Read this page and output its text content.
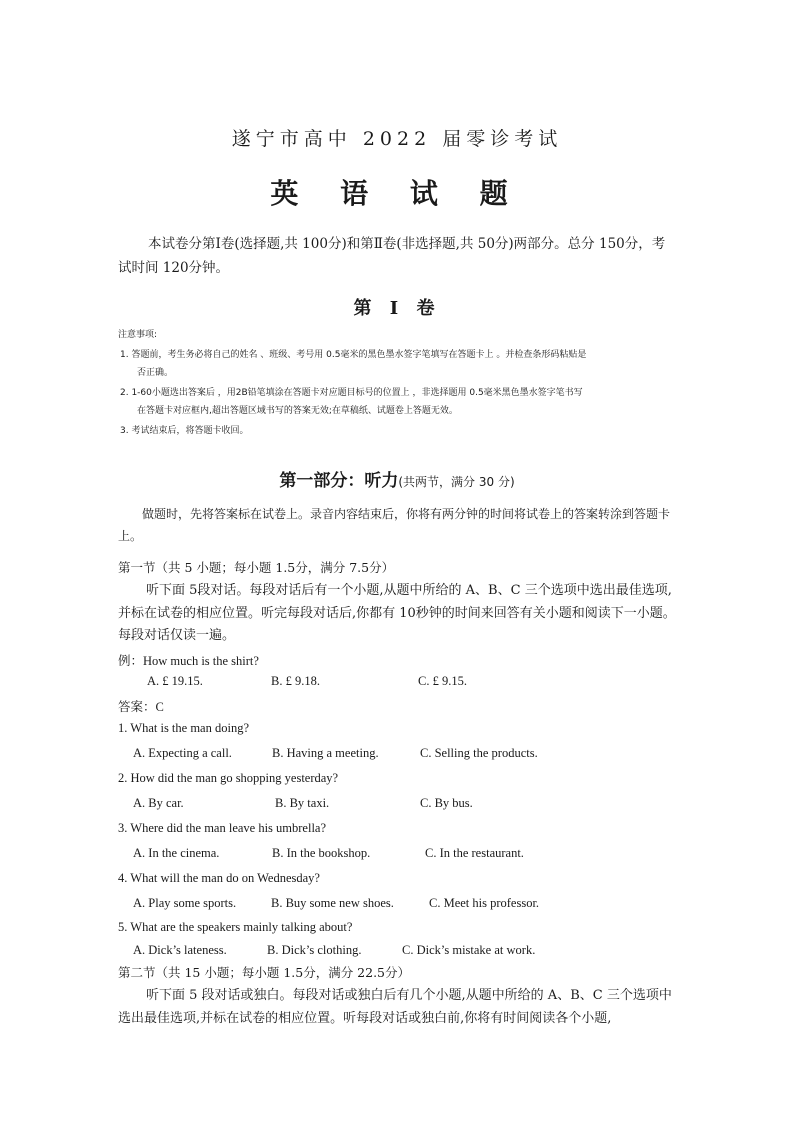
遂宁市高中 2022 届零诊考试
英 语 试 题
本试卷分第Ⅰ卷(选择题,共 100分)和第Ⅱ卷(非选择题,共 50分)两部分。总分 150分，考试时间 120分钟。
第 Ⅰ 卷
注意事项:
1. 答题前，考生务必将自己的姓名 、班级、考号用 0.5毫米的黑色墨水签字笔填写在答题卡上 。并检查条形码粘贴是
否正确。
2. 1-60小题选出答案后 ，用2B铅笔填涂在答题卡对应题目标号的位置上 ，非选择题用 0.5毫米黑色墨水签字笔书写
在答题卡对应框内,超出答题区域书写的答案无效;在草稿纸、试题卷上答题无效。
3. 考试结束后，将答题卡收回。
第一部分：听力(共两节，满分 30 分)
做题时，先将答案标在试卷上。录音内容结束后，你将有两分钟的时间将试卷上的答案转涂到答题卡上。
第一节（共 5 小题；每小题 1.5分，满分 7.5分）
听下面 5段对话。每段对话后有一个小题,从题中所给的 A、B、C 三个选项中选出最佳选项,并标在试卷的相应位置。听完每段对话后,你都有 10秒钟的时间来回答有关小题和阅读下一小题。每段对话仅读一遍。
例：How much is the shirt?
A. £ 19.15.	B. £ 9.18.	C. £ 9.15.
答案：C
1. What is the man doing?
A. Expecting a call.	B. Having a meeting.	C. Selling the products.
2. How did the man go shopping yesterday?
A. By car.	B. By taxi.	C. By bus.
3. Where did the man leave his umbrella?
A. In the cinema.	B. In the bookshop.	C. In the restaurant.
4. What will the man do on Wednesday?
A. Play some sports.	B. Buy some new shoes.	C. Meet his professor.
5. What are the speakers mainly talking about?
A. Dick’s lateness.	B. Dick’s clothing.	C. Dick’s mistake at work.
第二节（共 15 小题；每小题 1.5分，满分 22.5分）
听下面 5 段对话或独白。每段对话或独白后有几个小题,从题中所给的 A、B、C 三个选项中选出最佳选项,并标在试卷的相应位置。听每段对话或独白前,你将有时间阅读各个小题,
